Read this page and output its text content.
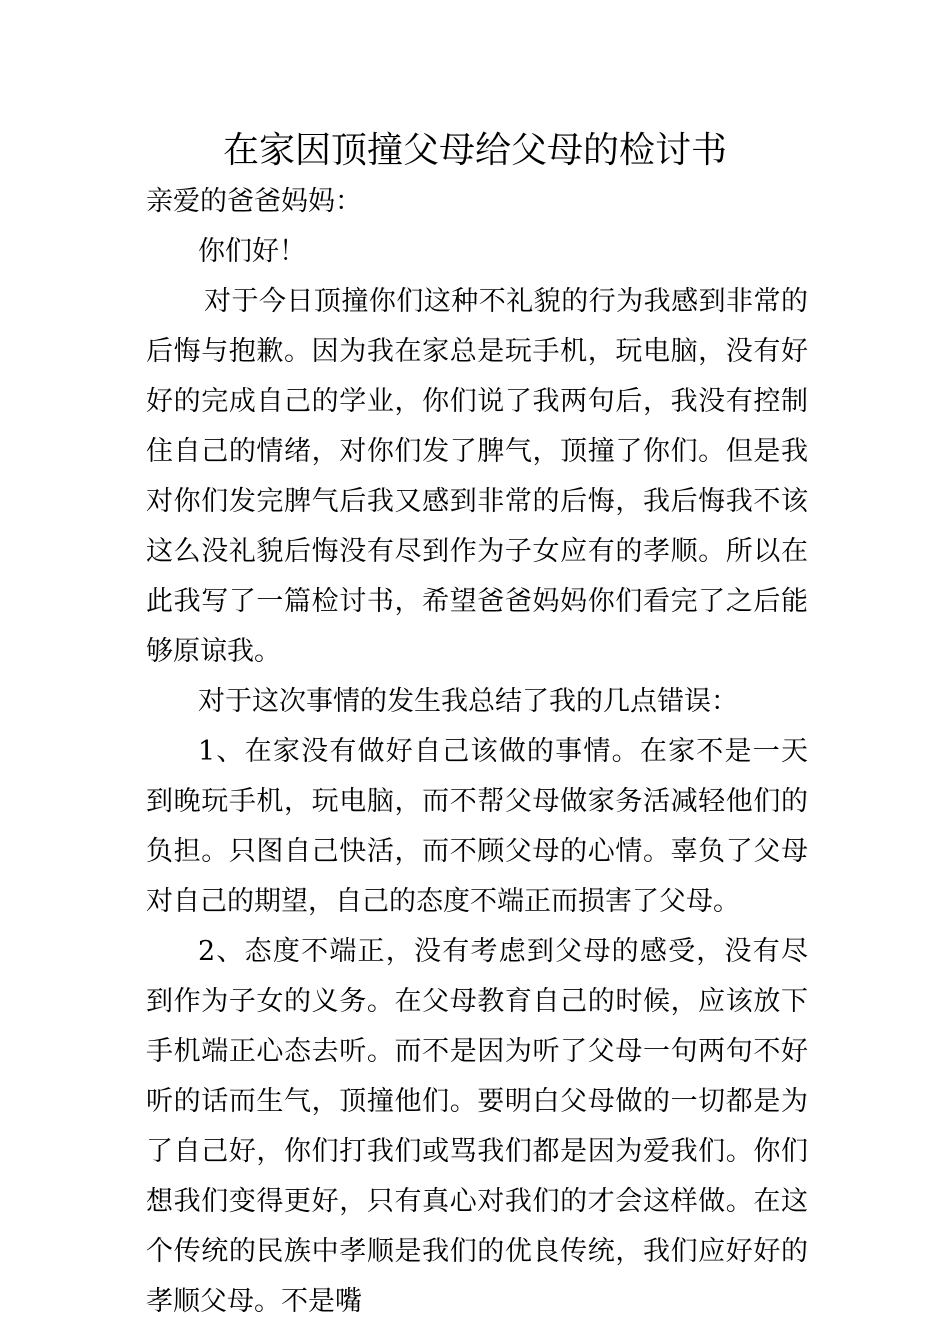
在家因顶撞父母给父母的检讨书

亲爱的爸爸妈妈：

你们好！

对于今日顶撞你们这种不礼貌的行为我感到非常的后悔与抱歉。因为我在家总是玩手机，玩电脑，没有好好的完成自己的学业，你们说了我两句后，我没有控制住自己的情绪，对你们发了脾气，顶撞了你们。但是我对你们发完脾气后我又感到非常的后悔，我后悔我不该这么没礼貌后悔没有尽到作为子女应有的孝顺。所以在此我写了一篇检讨书，希望爸爸妈妈你们看完了之后能够原谅我。

对于这次事情的发生我总结了我的几点错误：

1、在家没有做好自己该做的事情。在家不是一天到晚玩手机，玩电脑，而不帮父母做家务活减轻他们的负担。只图自己快活，而不顾父母的心情。辜负了父母对自己的期望，自己的态度不端正而损害了父母。

2、态度不端正，没有考虑到父母的感受，没有尽到作为子女的义务。在父母教育自己的时候，应该放下手机端正心态去听。而不是因为听了父母一句两句不好听的话而生气，顶撞他们。要明白父母做的一切都是为了自己好，你们打我们或骂我们都是因为爱我们。你们想我们变得更好，只有真心对我们的才会这样做。在这个传统的民族中孝顺是我们的优良传统，我们应好好的孝顺父母。不是嘴
